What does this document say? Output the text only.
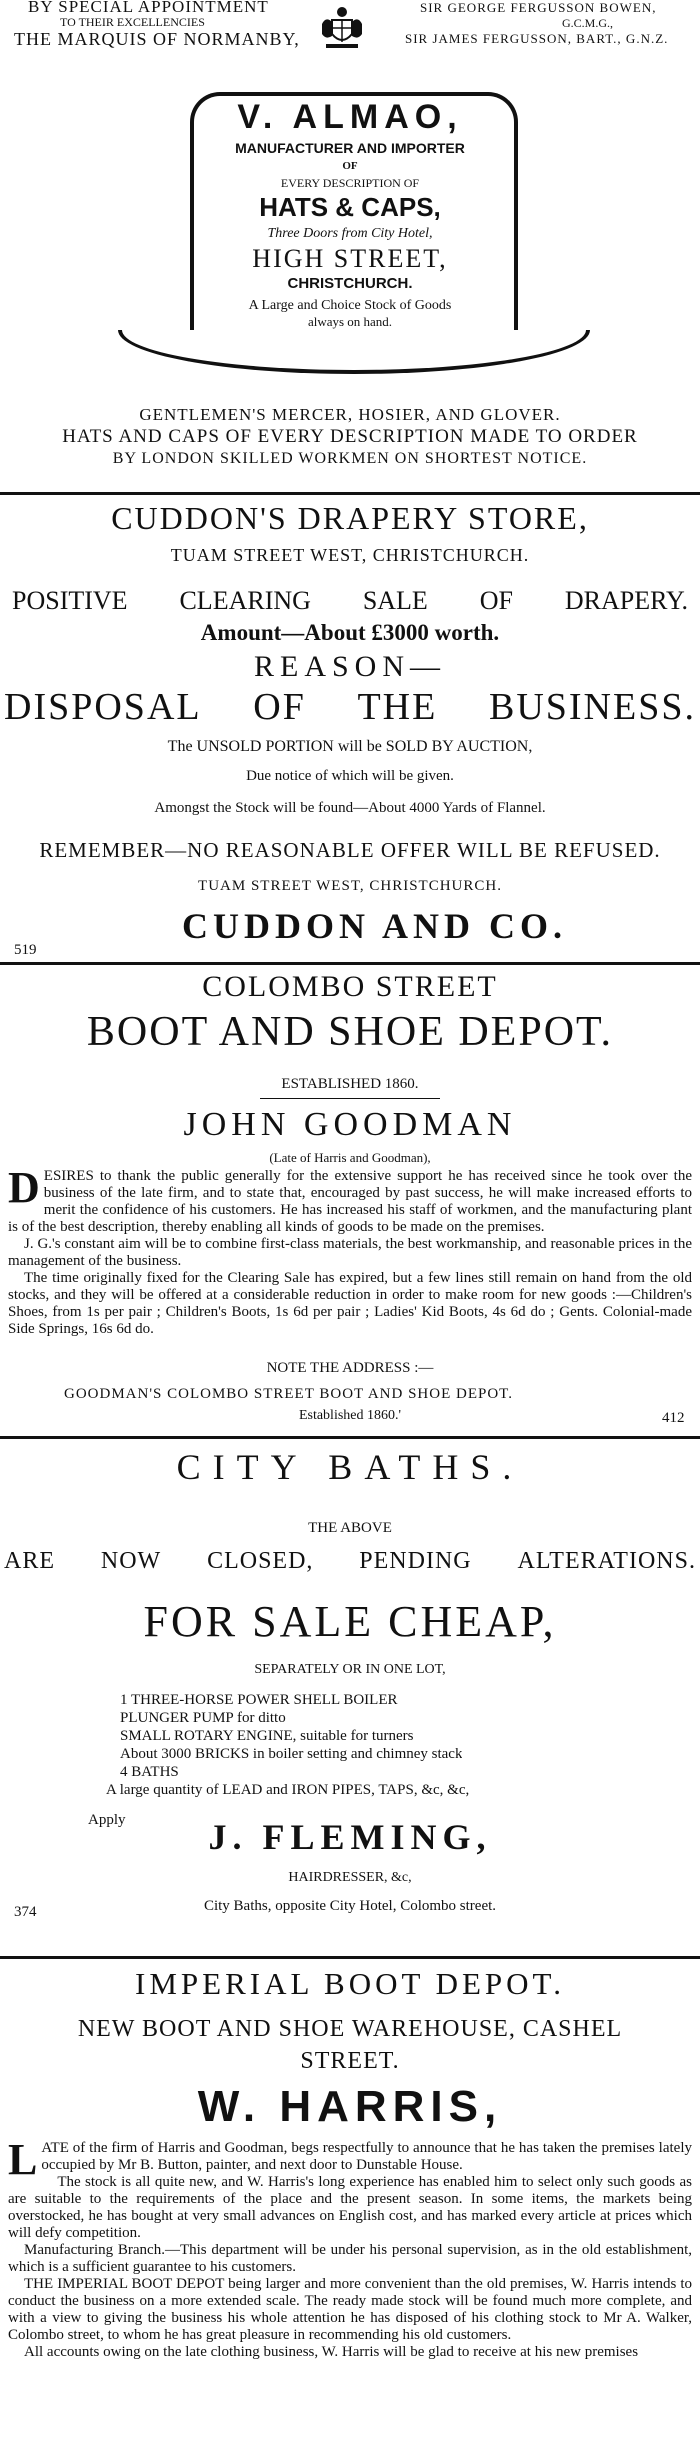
BY SPECIAL APPOINTMENT
TO THEIR EXCELLENCIES
THE MARQUIS OF NORMANBY,
SIR GEORGE FERGUSSON BOWEN,
G.C.M.G.,
SIR JAMES FERGUSSON, BART., G.N.Z.
V. ALMAO,
MANUFACTURER AND IMPORTER
OF
EVERY DESCRIPTION OF
HATS & CAPS,
Three Doors from City Hotel,
HIGH STREET,
CHRISTCHURCH.
A Large and Choice Stock of Goods
always on hand.
GENTLEMEN'S MERCER, HOSIER, AND GLOVER.
HATS AND CAPS OF EVERY DESCRIPTION MADE TO ORDER
BY LONDON SKILLED WORKMEN ON SHORTEST NOTICE.
CUDDON'S DRAPERY STORE,
TUAM STREET WEST, CHRISTCHURCH.
POSITIVE CLEARING SALE OF DRAPERY.
Amount—About £3000 worth.
REASON—
DISPOSAL OF THE BUSINESS.
The UNSOLD PORTION will be SOLD BY AUCTION,
Due notice of which will be given.
Amongst the Stock will be found—About 4000 Yards of Flannel.
REMEMBER—NO REASONABLE OFFER WILL BE REFUSED.
TUAM STREET WEST, CHRISTCHURCH.
519
CUDDON AND CO.
COLOMBO STREET
BOOT AND SHOE DEPOT.
ESTABLISHED 1860.
JOHN GOODMAN
(Late of Harris and Goodman),
D ESIRES to thank the public generally for the extensive support he has received since he took over the business of the late firm, and to state that, encouraged by past success, he will make increased efforts to merit the confidence of his customers. He has increased his staff of workmen, and the manufacturing plant is of the best description, thereby enabling all kinds of goods to be made on the premises.
J. G.'s constant aim will be to combine first-class materials, the best workmanship, and reasonable prices in the management of the business.
The time originally fixed for the Clearing Sale has expired, but a few lines still remain on hand from the old stocks, and they will be offered at a considerable reduction in order to make room for new goods :—Children's Shoes, from 1s per pair ; Children's Boots, 1s 6d per pair ; Ladies' Kid Boots, 4s 6d do ; Gents. Colonial-made Side Springs, 16s 6d do.
NOTE THE ADDRESS :—
GOODMAN'S COLOMBO STREET BOOT AND SHOE DEPOT.
Established 1860.'	412
CITY BATHS.
THE ABOVE
ARE NOW CLOSED, PENDING ALTERATIONS.
FOR SALE CHEAP,
SEPARATELY OR IN ONE LOT,
1 THREE-HORSE POWER SHELL BOILER
PLUNGER PUMP for ditto
SMALL ROTARY ENGINE, suitable for turners
About 3000 BRICKS in boiler setting and chimney stack
4 BATHS
A large quantity of LEAD and IRON PIPES, TAPS, &c, &c,
Apply	J. FLEMING,
HAIRDRESSER, &c,
374	City Baths, opposite City Hotel, Colombo street.
IMPERIAL BOOT DEPOT.
NEW BOOT AND SHOE WAREHOUSE, CASHEL
STREET.
W. HARRIS,
L ATE of the firm of Harris and Goodman, begs respectfully to announce that he has taken the premises lately occupied by Mr B. Button, painter, and next door to Dunstable House.
The stock is all quite new, and W. Harris's long experience has enabled him to select only such goods as are suitable to the requirements of the place and the present season. In some items, the markets being overstocked, he has bought at very small advances on English cost, and has marked every article at prices which will defy competition.
Manufacturing Branch.—This department will be under his personal supervision, as in the old establishment, which is a sufficient guarantee to his customers.
THE IMPERIAL BOOT DEPOT being larger and more convenient than the old premises, W. Harris intends to conduct the business on a more extended scale. The ready made stock will be found much more complete, and with a view to giving the business his whole attention he has disposed of his clothing stock to Mr A. Walker, Colombo street, to whom he has great pleasure in recommending his old customers.
All accounts owing on the late clothing business, W. Harris will be glad to receive at his new premises
